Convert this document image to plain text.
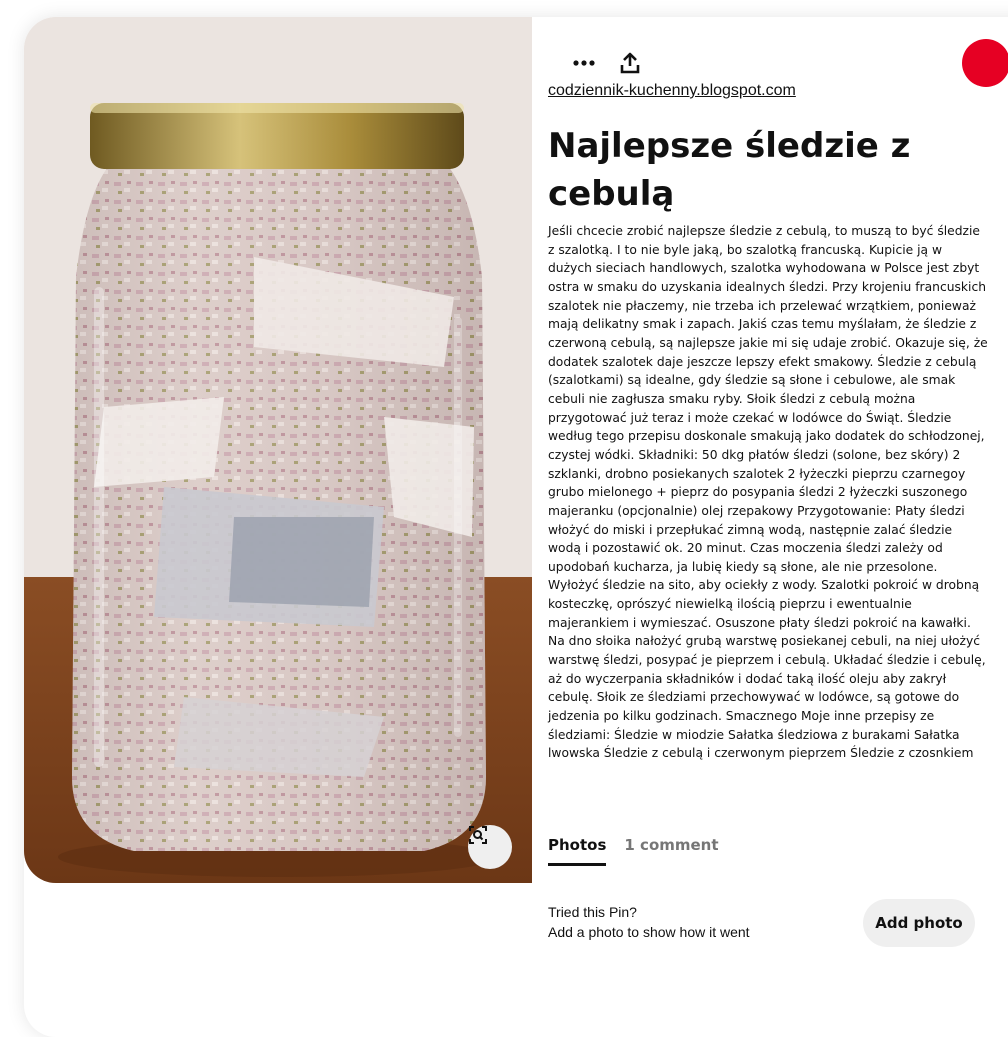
codziennik-kuchenny.blogspot.com
Najlepsze śledzie z cebulą

Jeśli chcecie zrobić najlepsze śledzie z cebulą, to muszą to być śledzie z szalotką. I to nie byle jaką, bo szalotką francuską. Kupicie ją w dużych sieciach handlowych, szalotka wyhodowana w Polsce jest zbyt ostra w smaku do uzyskania idealnych śledzi. Przy krojeniu francuskich szalotek nie płaczemy, nie trzeba ich przelewać wrzątkiem, ponieważ mają delikatny smak i zapach. Jakiś czas temu myślałam, że śledzie z czerwoną cebulą, są najlepsze jakie mi się udaje zrobić. Okazuje się, że dodatek szalotek daje jeszcze lepszy efekt smakowy. Śledzie z cebulą (szalotkami) są idealne, gdy śledzie są słone i cebulowe, ale smak cebuli nie zagłusza smaku ryby. Słoik śledzi z cebulą można przygotować już teraz i może czekać w lodówce do Świąt. Śledzie według tego przepisu doskonale smakują jako dodatek do schłodzonej, czystej wódki. Składniki: 50 dkg płatów śledzi (solone, bez skóry) 2 szklanki, drobno posiekanych szalotek 2 łyżeczki pieprzu czarnegoy grubo mielonego + pieprz do posypania śledzi 2 łyżeczki suszonego majeranku (opcjonalnie) olej rzepakowy Przygotowanie: Płaty śledzi włożyć do miski i przepłukać zimną wodą, następnie zalać śledzie wodą i pozostawić ok. 20 minut. Czas moczenia śledzi zależy od upodobań kucharza, ja lubię kiedy są słone, ale nie przesolone. Wyłożyć śledzie na sito, aby ociekły z wody. Szalotki pokroić w drobną kosteczkę, oprószyć niewielką ilością pieprzu i ewentualnie majerankiem i wymieszać. Osuszone płaty śledzi pokroić na kawałki. Na dno słoika nałożyć grubą warstwę posiekanej cebuli, na niej ułożyć warstwę śledzi, posypać je pieprzem i cebulą. Układać śledzie i cebulę, aż do wyczerpania składników i dodać taką ilość oleju aby zakrył cebulę. Słoik ze śledziami przechowywać w lodówce, są gotowe do jedzenia po kilku godzinach. Smacznego Moje inne przepisy ze śledziami: Śledzie w miodzie Sałatka śledziowa z burakami Sałatka lwowska Śledzie z cebulą i czerwonym pieprzem Śledzie z czosnkiem

Photos 1 comment
Tried this Pin?
Add a photo to show how it went	Add photo
